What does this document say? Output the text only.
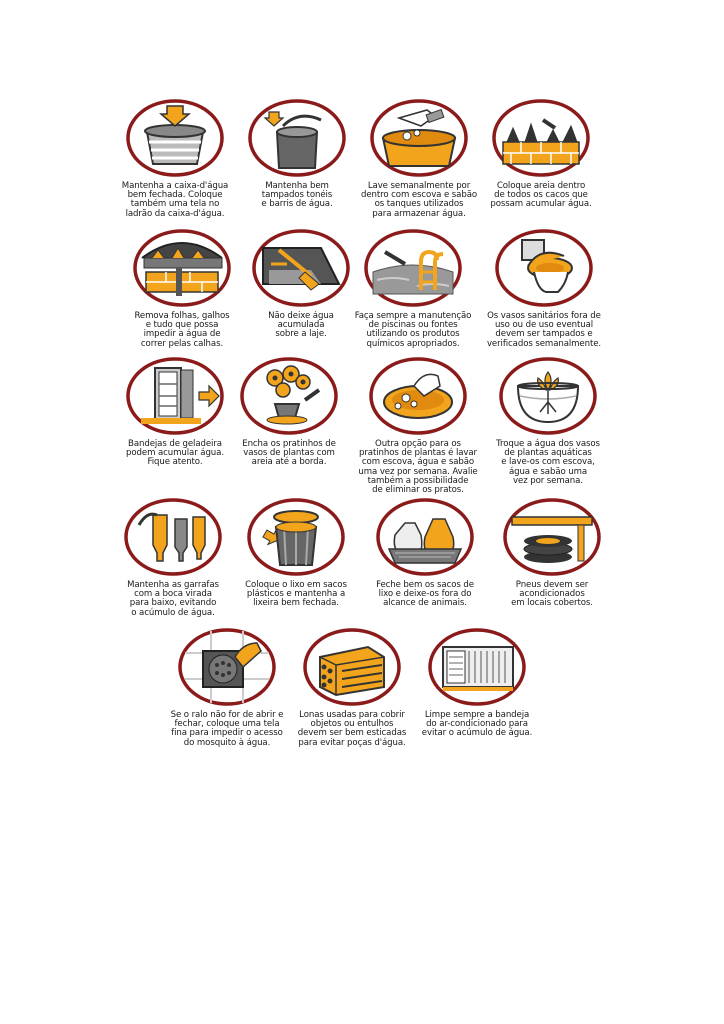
Mantenha a caixa-d'água
bem fechada. Coloque
também uma tela no
ladrão da caixa-d'água.
Mantenha bem
tampados tonéis
e barris de água.
Lave semanalmente por
dentro com escova e sabão
os tanques utilizados
para armazenar água.
Coloque areia dentro
de todos os cacos que
possam acumular água.
Remova folhas, galhos
e tudo que possa
impedir a água de
correr pelas calhas.
Não deixe água
acumulada
sobre a laje.
Faça sempre a manutenção
de piscinas ou fontes
utilizando os produtos
químicos apropriados.
Os vasos sanitários fora de
uso ou de uso eventual
devem ser tampados e
verificados semanalmente.
Bandejas de geladeira
podem acumular água.
Fique atento.
Encha os pratinhos de
vasos de plantas com
areia até a borda.
Outra opção para os
pratinhos de plantas é lavar
com escova, água e sabão
uma vez por semana. Avalie
também a possibilidade
de eliminar os pratos.
Troque a água dos vasos
de plantas aquáticas
e lave-os com escova,
água e sabão uma
vez por semana.
Mantenha as garrafas
com a boca virada
para baixo, evitando
o acúmulo de água.
Coloque o lixo em sacos
plásticos e mantenha a
lixeira bem fechada.
Feche bem os sacos de
lixo e deixe-os fora do
alcance de animais.
Pneus devem ser
acondicionados
em locais cobertos.
Se o ralo não for de abrir e
fechar, coloque uma tela
fina para impedir o acesso
do mosquito à água.
Lonas usadas para cobrir
objetos ou entulhos
devem ser bem esticadas
para evitar poças d'água.
Limpe sempre a bandeja
do ar-condicionado para
evitar o acúmulo de água.
